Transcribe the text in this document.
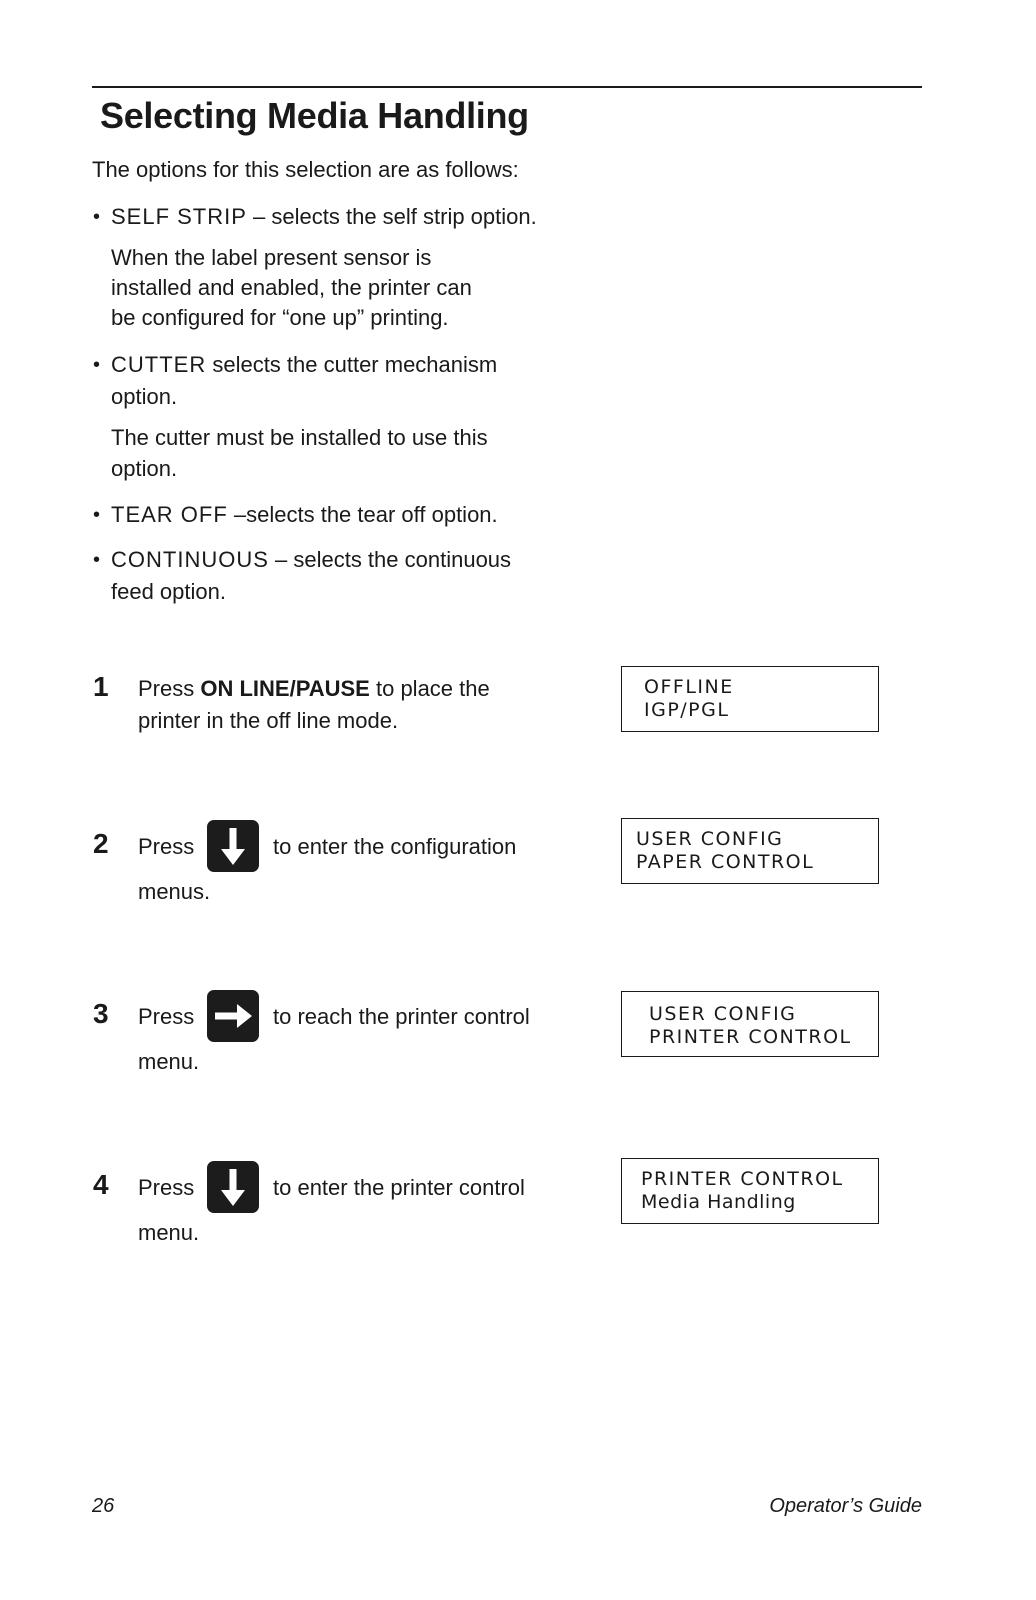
Selecting Media Handling

The options for this selection are as follows:

• SELF STRIP – selects the self strip option.

When the label present sensor is

installed and enabled, the printer can

be configured for “one up” printing.

• CUTTER selects the cutter mechanism

option.

The cutter must be installed to use this

option.

• TEAR OFF –selects the tear off option.

• CONTINUOUS – selects the continuous

feed option.

1 Press ON LINE/PAUSE to place the

printer in the off line mode.

OFFLINE
IGP/PGL
2 Press	to enter the configuration

menus.

USER CONFIG
PAPER CONTROL
3 Press	to reach the printer control

menu.

USER CONFIG
PRINTER CONTROL
4 Press	to enter the printer control

menu.

PRINTER CONTROL
Media Handling
26	Operator’s Guide
